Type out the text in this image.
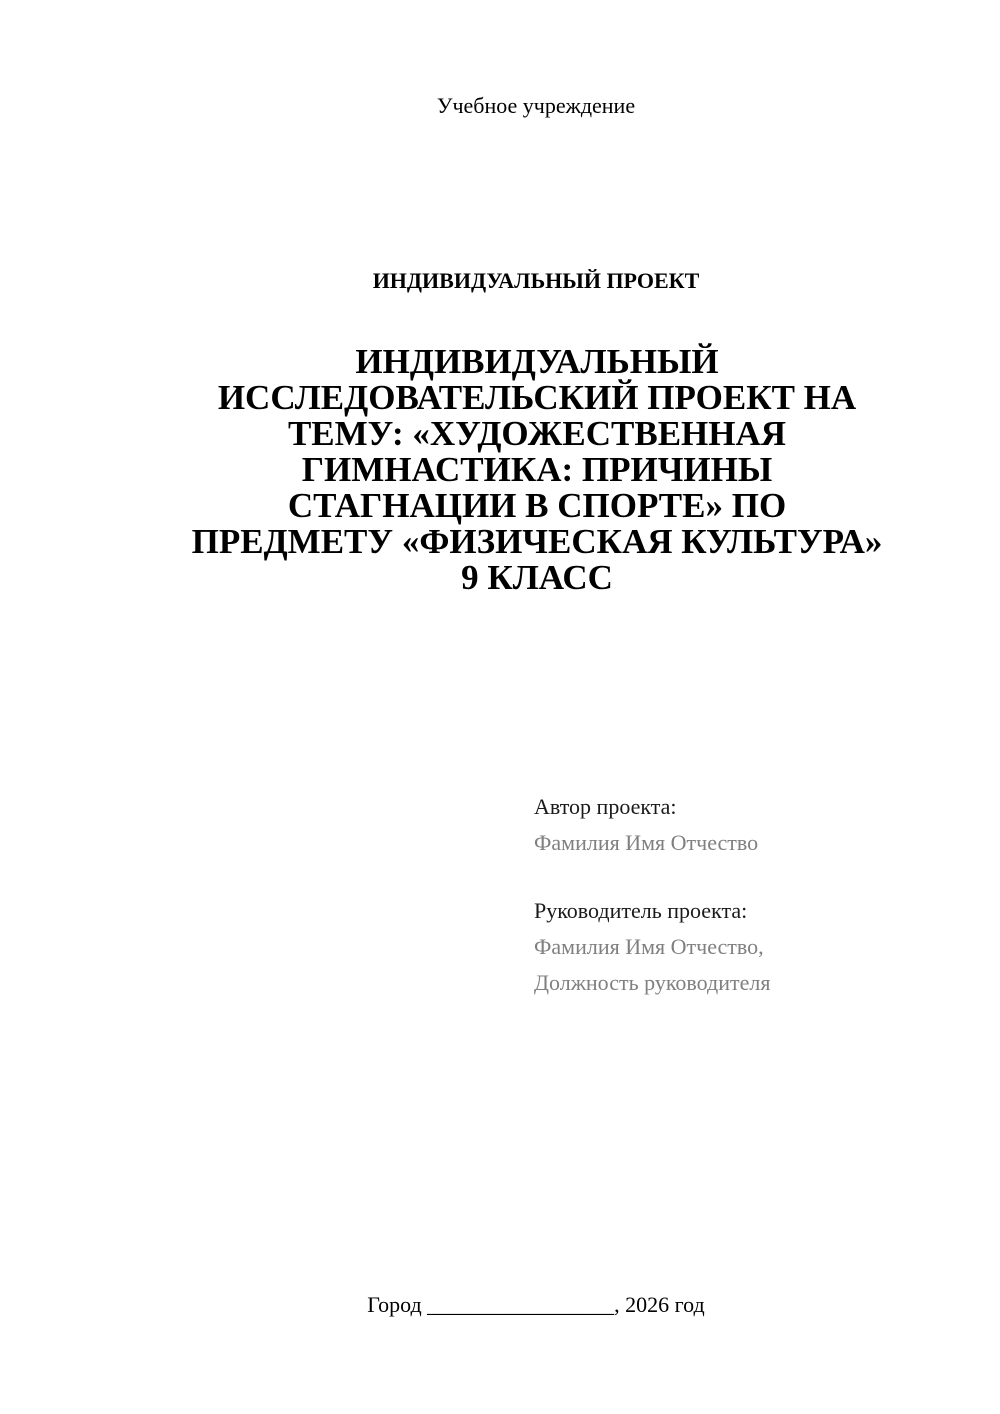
Учебное учреждение
ИНДИВИДУАЛЬНЫЙ ПРОЕКТ
ИНДИВИДУАЛЬНЫЙ
ИССЛЕДОВАТЕЛЬСКИЙ ПРОЕКТ НА
ТЕМУ: «ХУДОЖЕСТВЕННАЯ
ГИМНАСТИКА: ПРИЧИНЫ
СТАГНАЦИИ В СПОРТЕ» ПО
ПРЕДМЕТУ «ФИЗИЧЕСКАЯ КУЛЬТУРА»
9 КЛАСС
Автор проекта:
Фамилия Имя Отчество
Руководитель проекта:
Фамилия Имя Отчество,
Должность руководителя
Город _________________, 2026 год
